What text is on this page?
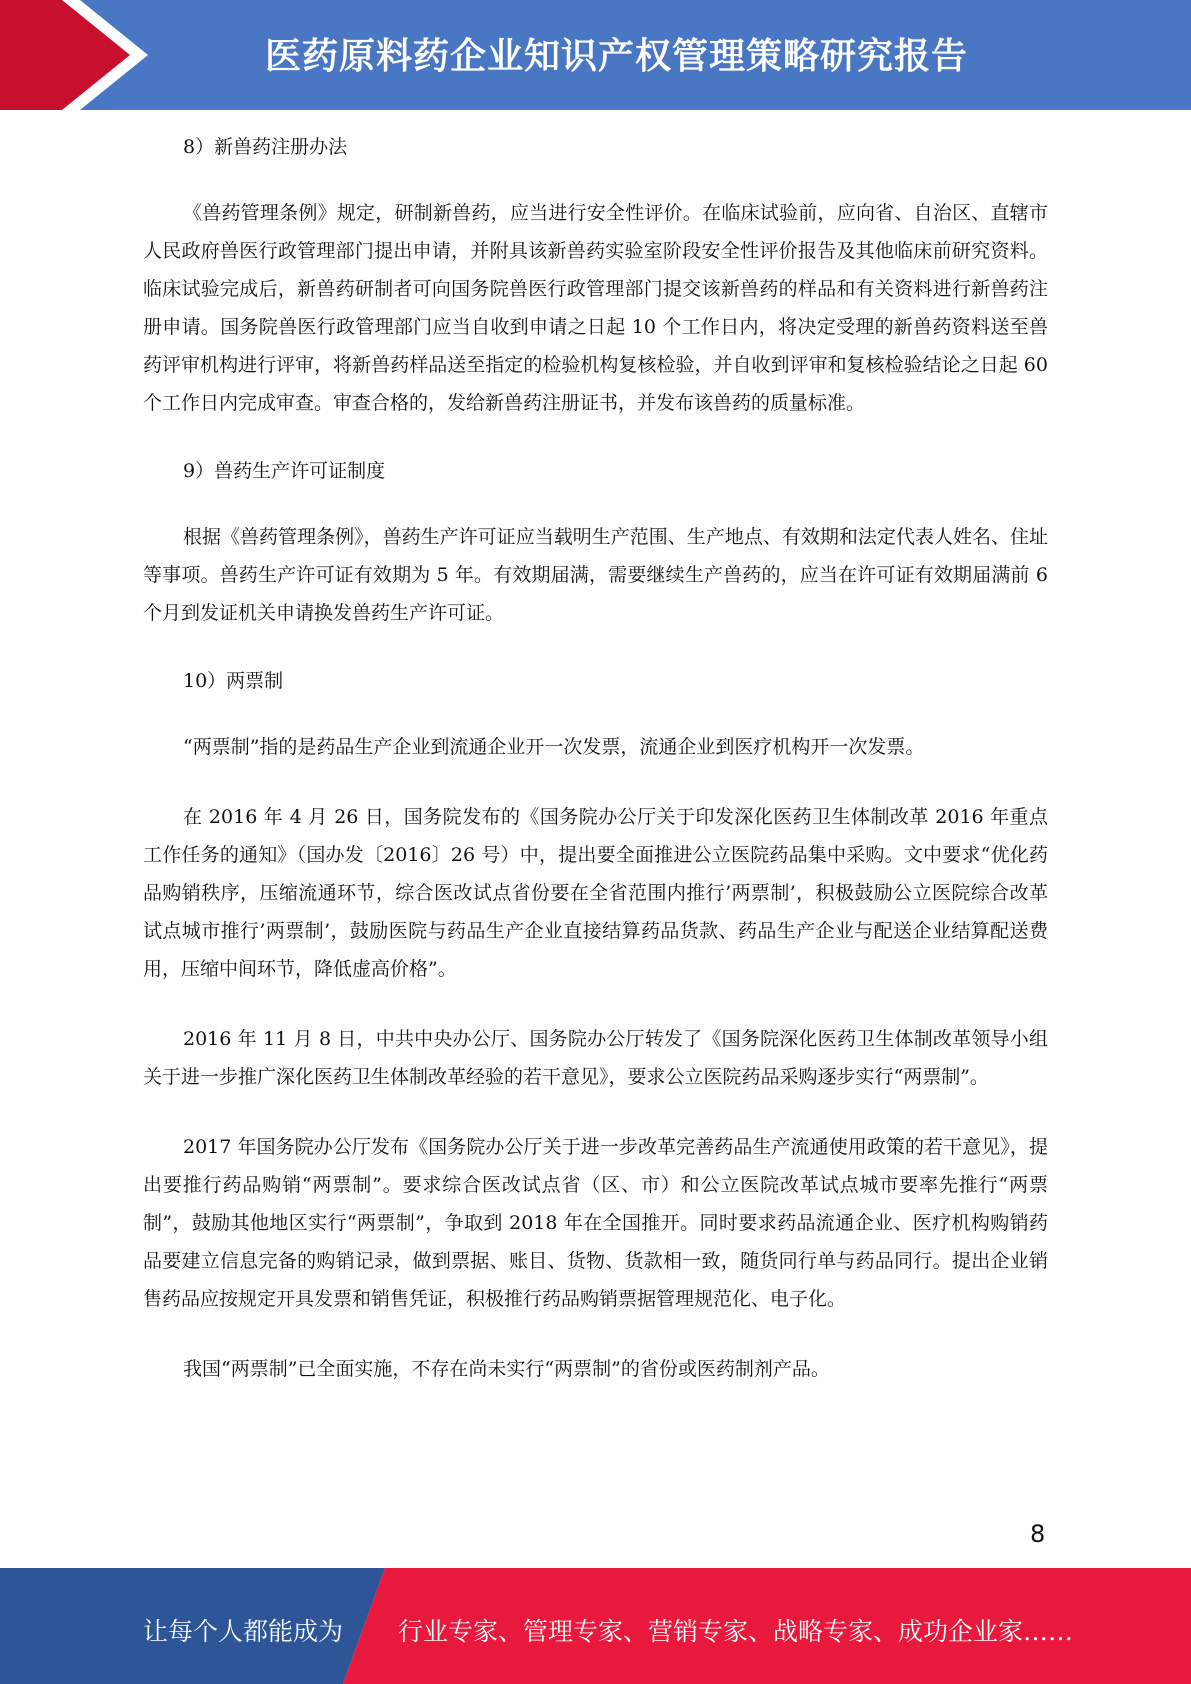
医药原料药企业知识产权管理策略研究报告

8）新兽药注册办法

《兽药管理条例》规定，研制新兽药，应当进行安全性评价。在临床试验前，应向省、自治区、直辖市人民政府兽医行政管理部门提出申请，并附具该新兽药实验室阶段安全性评价报告及其他临床前研究资料。临床试验完成后，新兽药研制者可向国务院兽医行政管理部门提交该新兽药的样品和有关资料进行新兽药注册申请。国务院兽医行政管理部门应当自收到申请之日起 10 个工作日内，将决定受理的新兽药资料送至兽药评审机构进行评审，将新兽药样品送至指定的检验机构复核检验，并自收到评审和复核检验结论之日起 60 个工作日内完成审查。审查合格的，发给新兽药注册证书，并发布该兽药的质量标准。

9）兽药生产许可证制度

根据《兽药管理条例》，兽药生产许可证应当载明生产范围、生产地点、有效期和法定代表人姓名、住址等事项。兽药生产许可证有效期为 5 年。有效期届满，需要继续生产兽药的，应当在许可证有效期届满前 6 个月到发证机关申请换发兽药生产许可证。

10）两票制

“两票制”指的是药品生产企业到流通企业开一次发票，流通企业到医疗机构开一次发票。

在 2016 年 4 月 26 日，国务院发布的《国务院办公厅关于印发深化医药卫生体制改革 2016 年重点工作任务的通知》（国办发〔2016〕26 号）中，提出要全面推进公立医院药品集中采购。文中要求“优化药品购销秩序，压缩流通环节，综合医改试点省份要在全省范围内推行’两票制’，积极鼓励公立医院综合改革试点城市推行’两票制’，鼓励医院与药品生产企业直接结算药品货款、药品生产企业与配送企业结算配送费用，压缩中间环节，降低虚高价格”。

2016 年 11 月 8 日，中共中央办公厅、国务院办公厅转发了《国务院深化医药卫生体制改革领导小组关于进一步推广深化医药卫生体制改革经验的若干意见》，要求公立医院药品采购逐步实行“两票制”。

2017 年国务院办公厅发布《国务院办公厅关于进一步改革完善药品生产流通使用政策的若干意见》，提出要推行药品购销“两票制”。要求综合医改试点省（区、市）和公立医院改革试点城市要率先推行“两票制”，鼓励其他地区实行“两票制”，争取到 2018 年在全国推开。同时要求药品流通企业、医疗机构购销药品要建立信息完备的购销记录，做到票据、账目、货物、货款相一致，随货同行单与药品同行。提出企业销售药品应按规定开具发票和销售凭证，积极推行药品购销票据管理规范化、电子化。

我国“两票制”已全面实施，不存在尚未实行“两票制”的省份或医药制剂产品。

8
让每个人都能成为 行业专家、管理专家、营销专家、战略专家、成功企业家……
